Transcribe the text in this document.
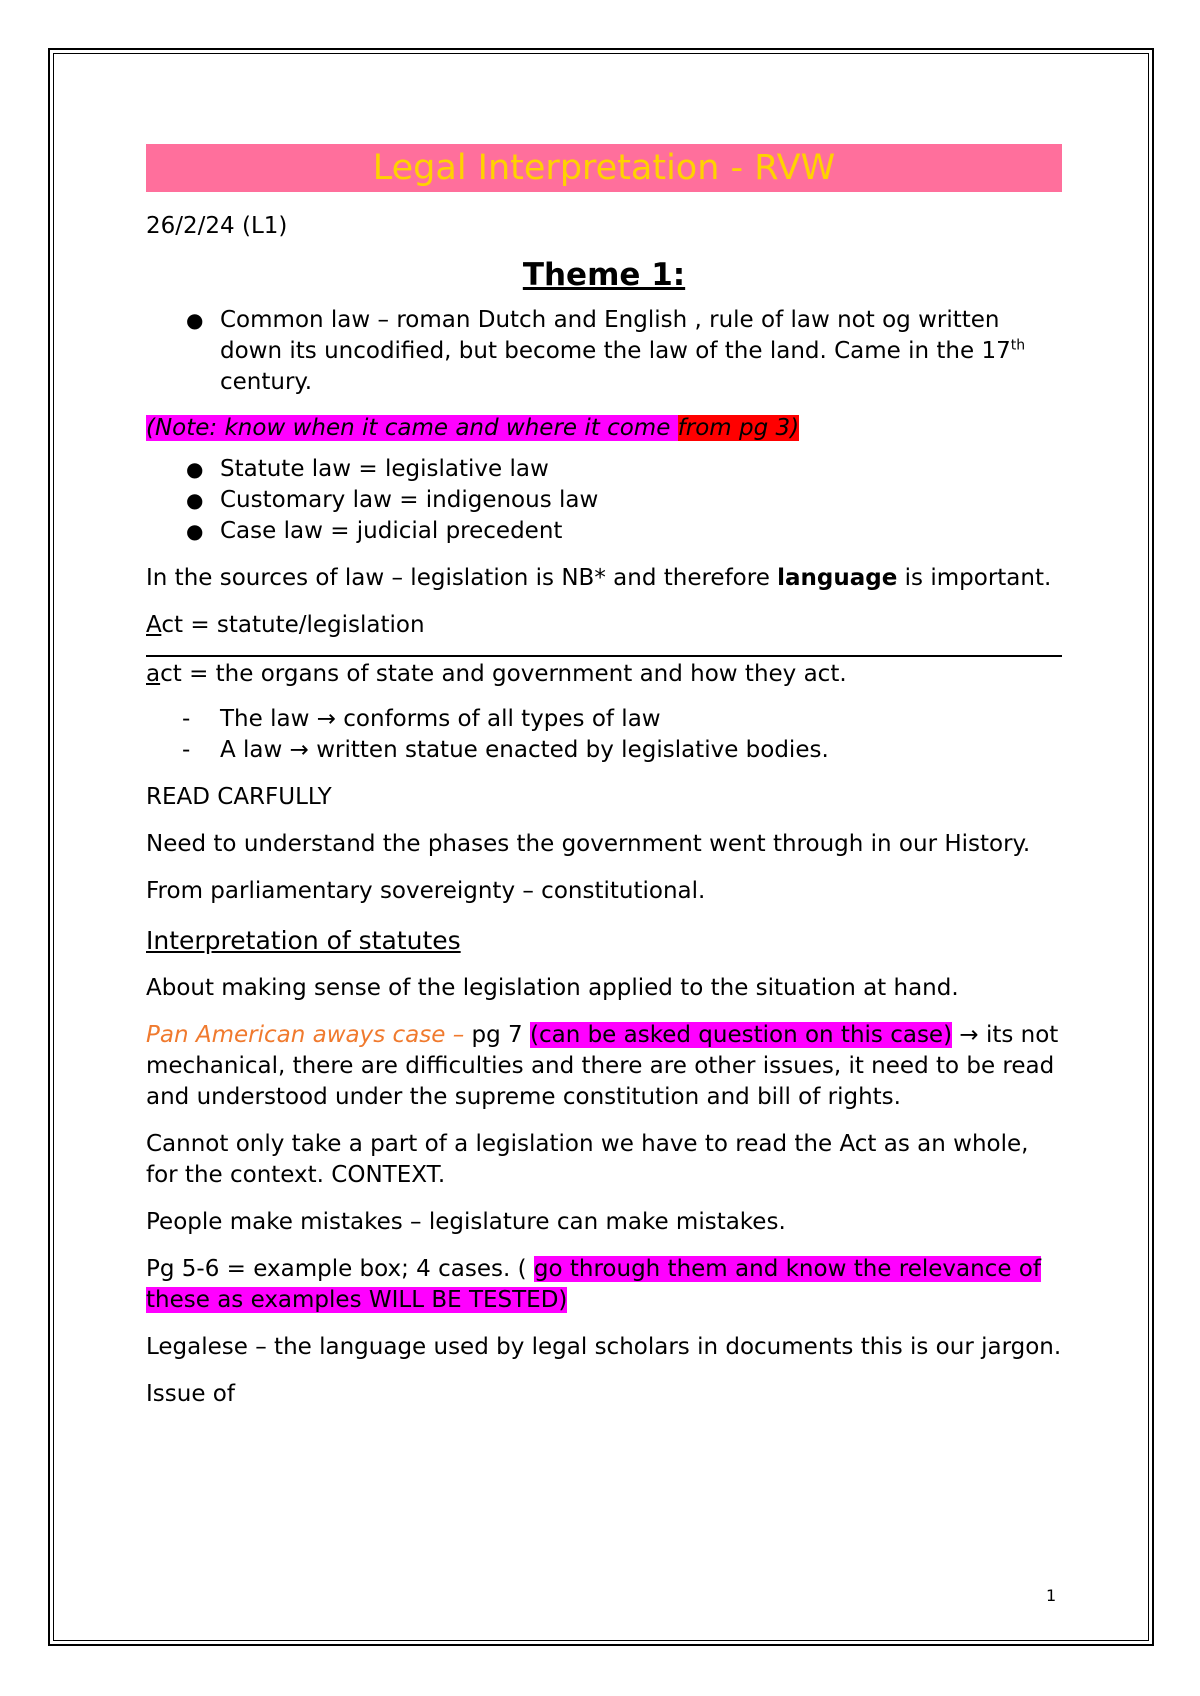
Legal Interpretation - RVW

26/2/24 (L1)

Theme 1:

● Common law – roman Dutch and English , rule of law not og written down its uncodified, but become the law of the land. Came in the 17th century.

(Note: know when it came and where it come from pg 3)

● Statute law = legislative law
● Customary law = indigenous law
● Case law = judicial precedent

In the sources of law – legislation is NB* and therefore language is important.

Act = statute/legislation

act = the organs of state and government and how they act.

- The law → conforms of all types of law
- A law → written statue enacted by legislative bodies.

READ CARFULLY

Need to understand the phases the government went through in our History.

From parliamentary sovereignty – constitutional.

Interpretation of statutes

About making sense of the legislation applied to the situation at hand.

Pan American aways case – pg 7 (can be asked question on this case) → its not mechanical, there are difficulties and there are other issues, it need to be read and understood under the supreme constitution and bill of rights.

Cannot only take a part of a legislation we have to read the Act as an whole, for the context. CONTEXT.

People make mistakes – legislature can make mistakes.

Pg 5-6 = example box; 4 cases. ( go through them and know the relevance of these as examples WILL BE TESTED)

Legalese – the language used by legal scholars in documents this is our jargon.

Issue of

1
